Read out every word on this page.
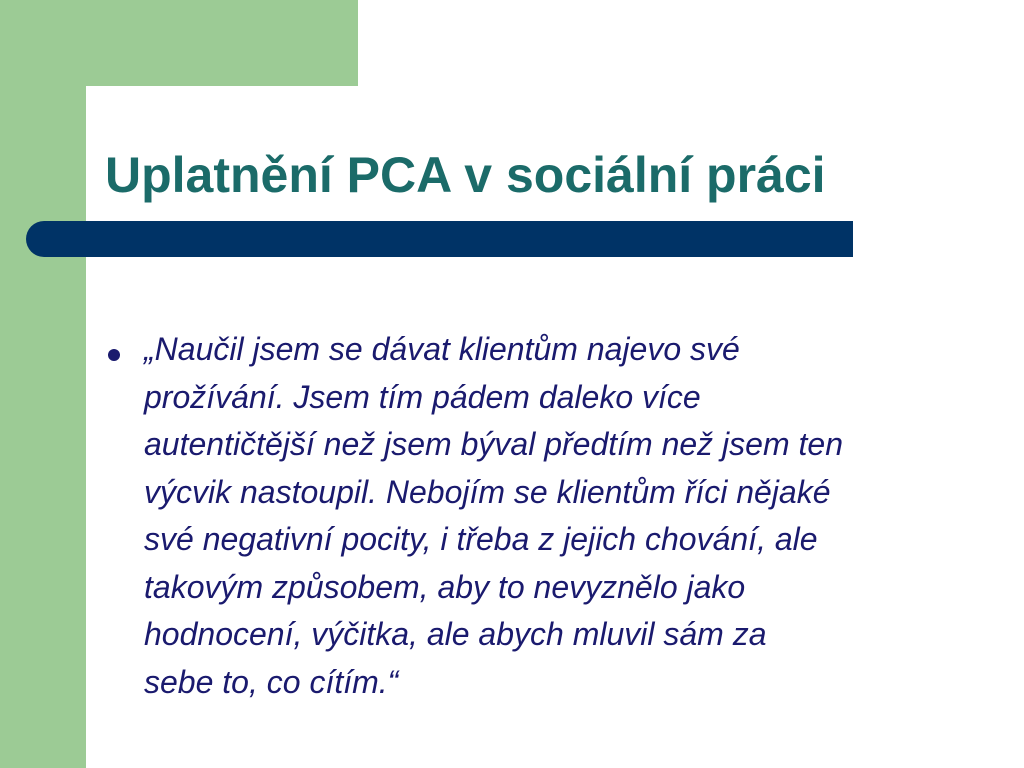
Uplatnění PCA v sociální práci

„Naučil jsem se dávat klientům najevo své
prožívání. Jsem tím pádem daleko více
autentičtější než jsem býval předtím než jsem ten
výcvik nastoupil. Nebojím se klientům říci nějaké
své negativní pocity, i třeba z jejich chování, ale
takovým způsobem, aby to nevyznělo jako
hodnocení, výčitka, ale abych mluvil sám za
sebe to, co cítím.“
